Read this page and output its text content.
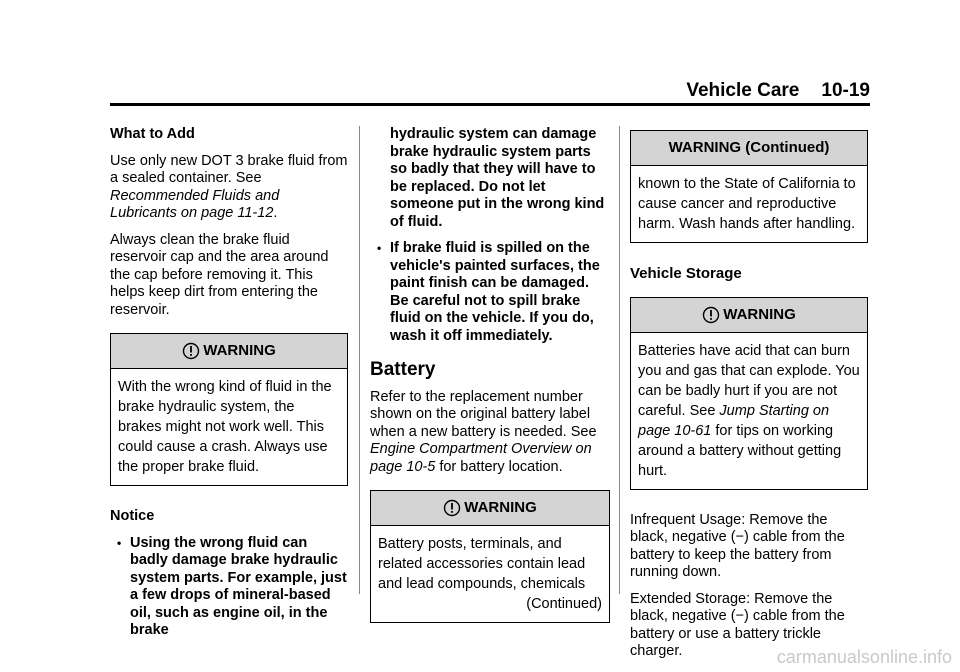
Vehicle Care 10-19

What to Add

Use only new DOT 3 brake fluid from a sealed container. See Recommended Fluids and Lubricants on page 11-12.

Always clean the brake fluid reservoir cap and the area around the cap before removing it. This helps keep dirt from entering the reservoir.

WARNING
With the wrong kind of fluid in the brake hydraulic system, the brakes might not work well. This could cause a crash. Always use the proper brake fluid.

Notice

• Using the wrong fluid can badly damage brake hydraulic system parts. For example, just a few drops of mineral-based oil, such as engine oil, in the brake
hydraulic system can damage brake hydraulic system parts so badly that they will have to be replaced. Do not let someone put in the wrong kind of fluid.
• If brake fluid is spilled on the vehicle's painted surfaces, the paint finish can be damaged. Be careful not to spill brake fluid on the vehicle. If you do, wash it off immediately.
Battery

Refer to the replacement number shown on the original battery label when a new battery is needed. See Engine Compartment Overview on page 10-5 for battery location.

WARNING
Battery posts, terminals, and related accessories contain lead and lead compounds, chemicals
(Continued)
WARNING (Continued)
known to the State of California to cause cancer and reproductive harm. Wash hands after handling.
Vehicle Storage
WARNING
Batteries have acid that can burn you and gas that can explode. You can be badly hurt if you are not careful. See Jump Starting on page 10-61 for tips on working around a battery without getting hurt.

Infrequent Usage: Remove the black, negative (−) cable from the battery to keep the battery from running down.

Extended Storage: Remove the black, negative (−) cable from the battery or use a battery trickle charger.	carmanualsonline.info
